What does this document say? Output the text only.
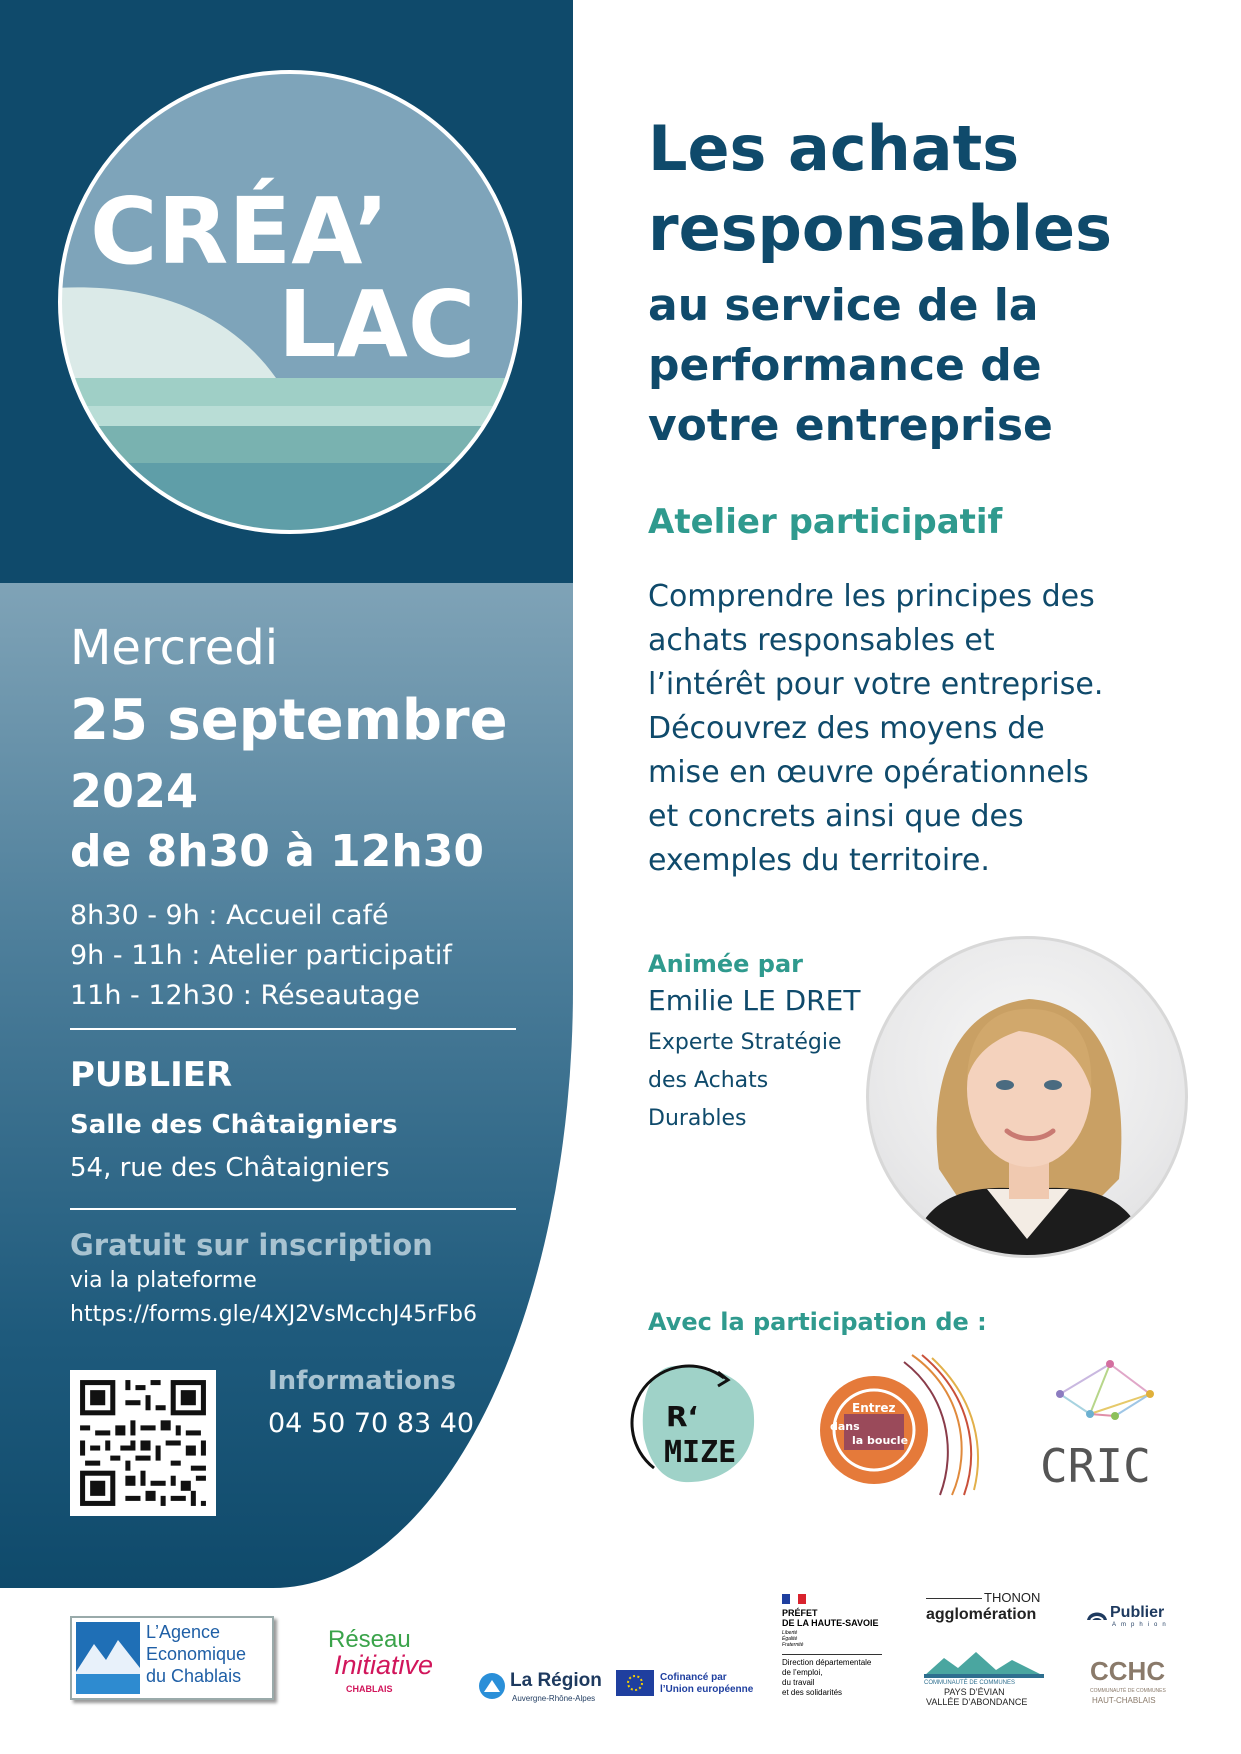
CRÉA’
LAC
Mercredi
25 septembre
2024
de 8h30 à 12h30
8h30 - 9h : Accueil café
9h - 11h : Atelier participatif
11h - 12h30 : Réseautage
PUBLIER
Salle des Châtaigniers
54, rue des Châtaigniers
Gratuit sur inscription
via la plateforme
https://forms.gle/4XJ2VsMcchJ45rFb6
Informations
04 50 70 83 40
Les achats
responsables
au service de la performance de votre entreprise
Atelier participatif
Comprendre les principes des achats responsables et l’intérêt pour votre entreprise. Découvrez des moyens de mise en œuvre opérationnels et concrets ainsi que des exemples du territoire.
Animée par
Emilie LE DRET
Experte Stratégie des Achats Durables
Avec la participation de :
R‘
MIZE
Entrez
dans
la boucle	CRIC
L’Agence
Economique
du Chablais
Réseau
Initiative
CHABLAIS	La Région
Auvergne-Rhône-Alpes
Cofinancé par
l’Union européenne
PRÉFET
DE LA HAUTE-SAVOIE
Liberté
Égalité
Fraternité
Direction départementale
de l’emploi,
du travail
et des solidarités
THONON
agglomération
COMMUNAUTÉ DE COMMUNES
PAYS D’ÉVIAN
VALLÉE D’ABONDANCE
Publier
Amphion
CCHC
COMMUNAUTÉ DE COMMUNES
HAUT-CHABLAIS
